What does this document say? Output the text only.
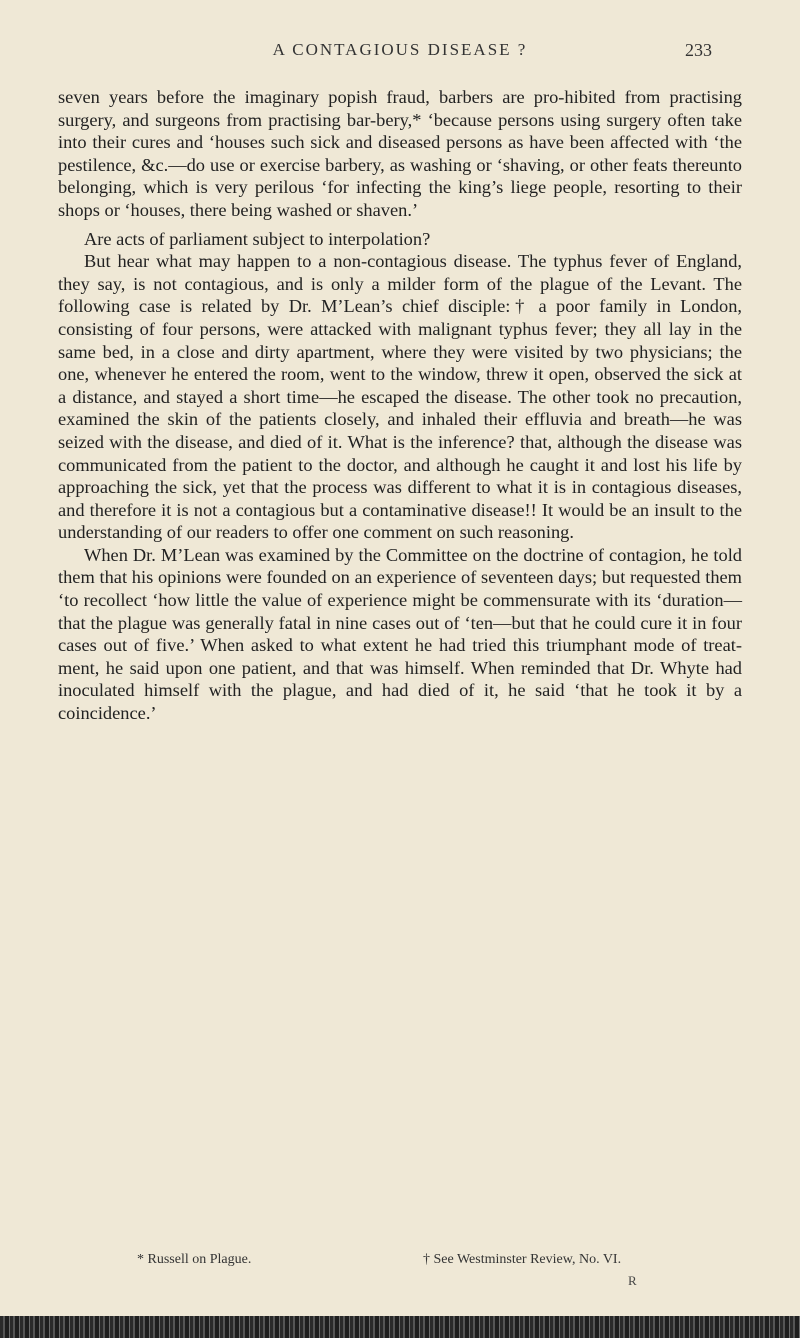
A CONTAGIOUS DISEASE ?	233

seven years before the imaginary popish fraud, barbers are pro-hibited from practising surgery, and surgeons from practising bar-bery,* ‘because persons using surgery often take into their cures and ‘houses such sick and diseased persons as have been affected with ‘the pestilence, &c.—do use or exercise barbery, as washing or ‘shaving, or other feats thereunto belonging, which is very perilous ‘for infecting the king’s liege people, resorting to their shops or ‘houses, there being washed or shaven.’

Are acts of parliament subject to interpolation?

But hear what may happen to a non-contagious disease. The typhus fever of England, they say, is not contagious, and is only a milder form of the plague of the Levant. The following case is related by Dr. M’Lean’s chief disciple:† a poor family in London, consisting of four persons, were attacked with malignant typhus fever; they all lay in the same bed, in a close and dirty apartment, where they were visited by two physicians; the one, whenever he entered the room, went to the window, threw it open, observed the sick at a distance, and stayed a short time—he escaped the disease. The other took no precaution, examined the skin of the patients closely, and inhaled their effluvia and breath—he was seized with the disease, and died of it. What is the inference? that, although the disease was communicated from the patient to the doctor, and although he caught it and lost his life by approaching the sick, yet that the process was different to what it is in contagious diseases, and therefore it is not a contagious but a contaminative disease!! It would be an insult to the understanding of our readers to offer one comment on such reasoning.

When Dr. M’Lean was examined by the Committee on the doctrine of contagion, he told them that his opinions were founded on an experience of seventeen days; but requested them ‘to recollect ‘how little the value of experience might be commensurate with its ‘duration—that the plague was generally fatal in nine cases out of ‘ten—but that he could cure it in four cases out of five.’ When asked to what extent he had tried this triumphant mode of treat-ment, he said upon one patient, and that was himself. When reminded that Dr. Whyte had inoculated himself with the plague, and had died of it, he said ‘that he took it by a coincidence.’

* Russell on Plague.	† See Westminster Review, No. VI.
R
